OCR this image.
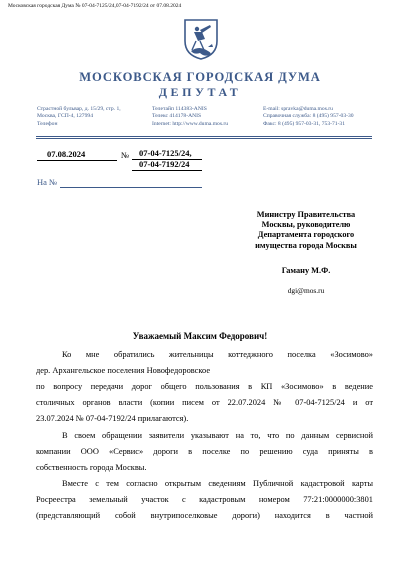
Московская городская Дума № 07-04-7125/24,07-04-7192/24 от 07.08.2024
МОСКОВСКАЯ ГОРОДСКАЯ ДУМА
ДЕПУТАТ
Страстной бульвар, д. 15/29, стр. 1,
Москва, ГСП-4, 127994
Телефон
Телетайп 114383-ANIS
Телекс 414178-ANIS
Internet: http://www.duma.mos.ru
E-mail: spravka@duma.mos.ru
Справочная служба: 8 (495) 957-03-30
Факс: 8 (495) 957-03-31, 753-71-31
07.08.2024	№ 07-04-7125/24,
07-04-7192/24
На №
Министру Правительства
Москвы, руководителю
Департамента городского
имущества города Москвы
Гаману М.Ф.
dgi@mos.ru
Уважаемый Максим Федорович!
Ко мне обратились жительницы коттеджного поселка «Зосимово»
дер. Архангельское поселения Новофедоровское
по вопросу передачи дорог общего пользования в КП «Зосимово» в ведение
столичных органов власти (копии писем от 22.07.2024 № 07-04-7125/24 и от
23.07.2024 № 07-04-7192/24 прилагаются).
В своем обращении заявители указывают на то, что по данным сервисной
компании ООО «Сервис» дороги в поселке по решению суда приняты в
собственность города Москвы.
Вместе с тем согласно открытым сведениям Публичной кадастровой карты
Росреестра земельный участок с кадастровым номером 77:21:0000000:3801
(представляющий собой внутрипоселковые дороги) находится в частной
